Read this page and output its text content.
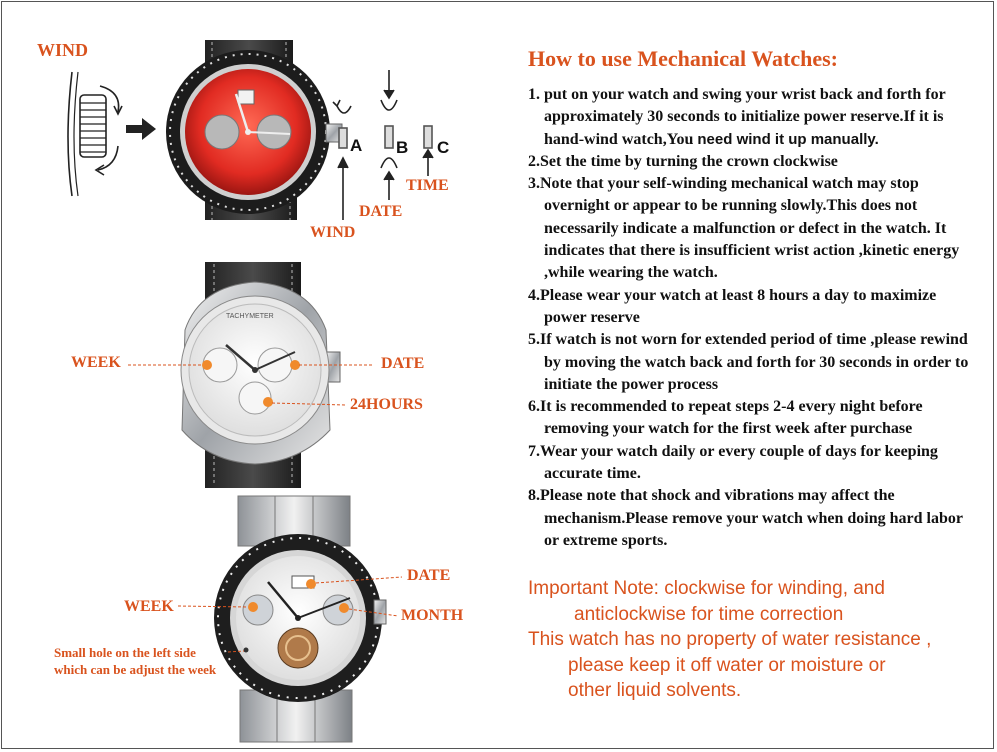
TACHYMETER
WIND
A B C
TIME
DATE
WIND
WEEK	DATE
24HOURS
DATE
WEEK
MONTH
Small hole on the left side
which can be adjust the week
How to use Mechanical Watches:

1. put on your watch and swing your wrist back and forth for approximately 30 seconds to initialize power reserve.If it is hand-wind watch,You need wind it up manually.

2.Set the time by turning the crown clockwise

3.Note that your self-winding mechanical watch may stop overnight or appear to be running slowly.This does not necessarily indicate a malfunction or defect in the watch. It indicates that there is insufficient wrist action ,kinetic energy ,while wearing the watch.

4.Please wear your watch at least 8 hours a day to maximize power reserve

5.If watch is not worn for extended period of time ,please rewind by moving the watch back and forth for 30 seconds in order to initiate the power process

6.It is recommended to repeat steps 2-4 every night before removing your watch for the first week after purchase

7.Wear your watch daily or every couple of days for keeping accurate time.

8.Please note that shock and vibrations may affect the mechanism.Please remove your watch when doing hard labor or extreme sports.

Important Note: clockwise for winding, and
anticlockwise for time correction
This watch has no property of water resistance ,
please keep it off water or moisture or
other liquid solvents.
